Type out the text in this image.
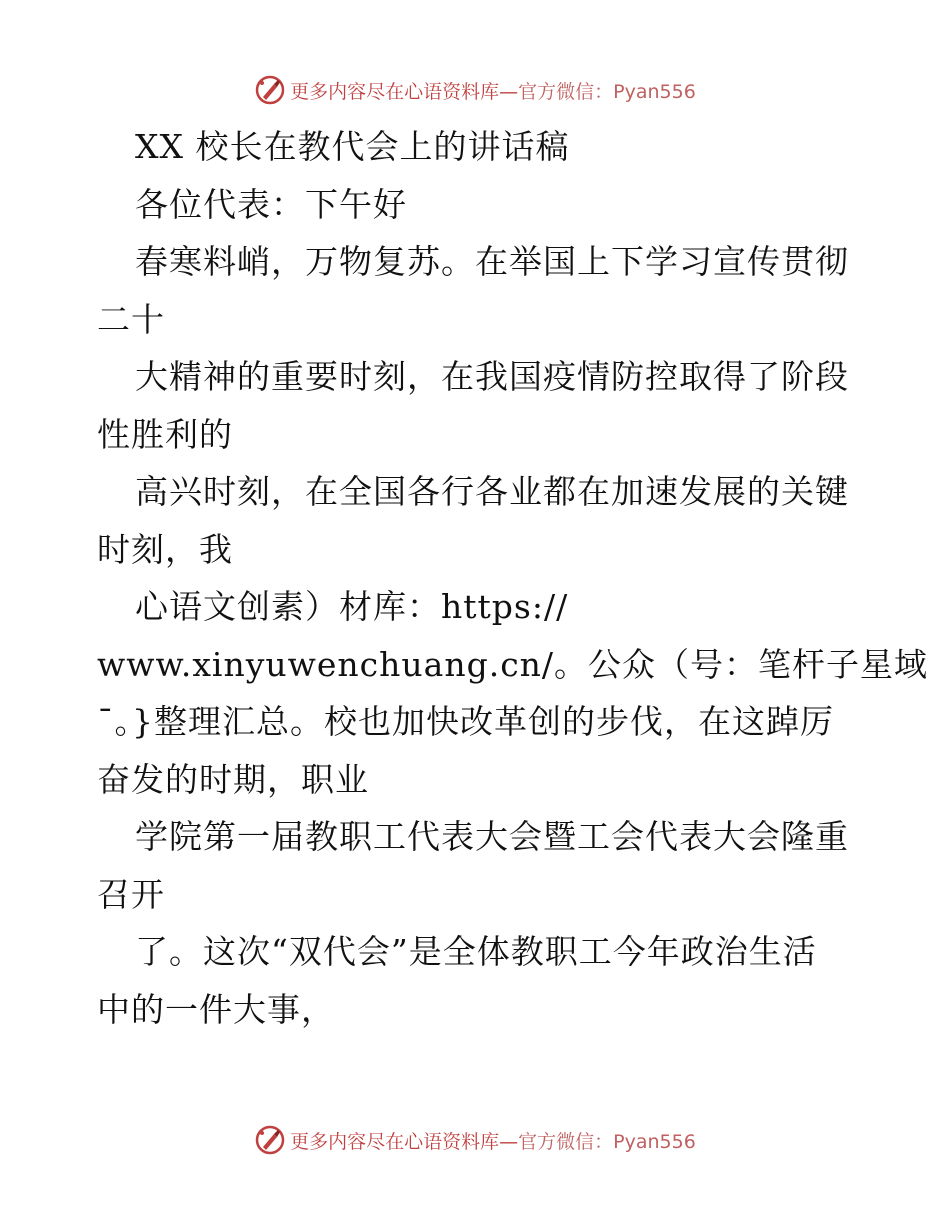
更多内容尽在心语资料库—官方微信：Pyan556
XX 校长在教代会上的讲话稿
各位代表：下午好
春寒料峭，万物复苏。在举国上下学习宣传贯彻
二十
大精神的重要时刻，在我国疫情防控取得了阶段
性胜利的
高兴时刻，在全国各行各业都在加速发展的关键
时刻，我
心语文创素）材库：https://
www.xinyuwenchuang.cn/。公众（号：笔杆子星域
¯。}整理汇总。校也加快改革创的步伐，在这踔厉
奋发的时期，职业
学院第一届教职工代表大会暨工会代表大会隆重
召开
了。这次“双代会”是全体教职工今年政治生活
中的一件大事，
更多内容尽在心语资料库—官方微信：Pyan556
